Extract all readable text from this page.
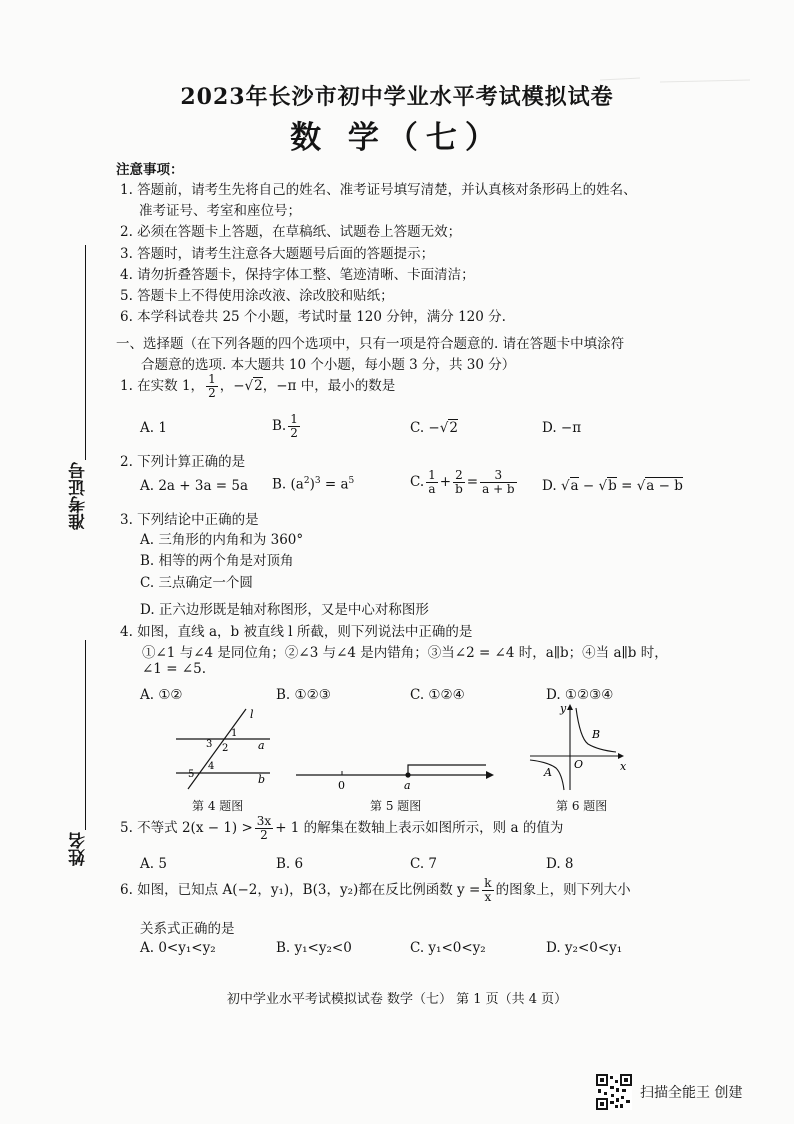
2023年长沙市初中学业水平考试模拟试卷
数 学（七）
注意事项：
1. 答题前，请考生先将自己的姓名、准考证号填写清楚，并认真核对条形码上的姓名、
准考证号、考室和座位号；
2. 必须在答题卡上答题，在草稿纸、试题卷上答题无效；
3. 答题时，请考生注意各大题题号后面的答题提示；
4. 请勿折叠答题卡，保持字体工整、笔迹清晰、卡面清洁；
5. 答题卡上不得使用涂改液、涂改胶和贴纸；
6. 本学科试卷共 25 个小题，考试时量 120 分钟，满分 120 分.
一、选择题（在下列各题的四个选项中，只有一项是符合题意的. 请在答题卡中填涂符
合题意的选项. 本大题共 10 个小题，每小题 3 分，共 30 分）
1. 在实数 1， $\frac{1}{2}$ ，−√2，−π 中，最小的数是
A. 1	B. $\frac{1}{2}$	C. −√2	D. −π
2. 下列计算正确的是
A. 2a + 3a = 5a B. $(a^2)^3 = a^5$	C. $\frac{1}{a} + \frac{2}{b} = \frac{3}{a + b} D$. √a − √b = √a − b
3. 下列结论中正确的是
A. 三角形的内角和为 360°
B. 相等的两个角是对顶角
C. 三点确定一个圆
D. 正六边形既是轴对称图形，又是中心对称图形
4. 如图，直线 a，b 被直线 l 所截，则下列说法中正确的是
①∠1 与∠4 是同位角；②∠3 与∠4 是内错角；③当∠2 = ∠4 时，a∥b；④当 a∥b 时，
∠1 = ∠5.
A. ①②	B. ①②③	C. ①②④	D. ①②③④
l
a
b
1
2
3
4
5
0	a
y
x
O
A
B
第 4 题图	第 5 题图	第 6 题图
5. 不等式 $2(x - 1) > \frac{3x}{2} + 1$ 的解集在数轴上表示如图所示，则 a 的值为
A. 5	B. 6	C. 7	D. 8
6. 如图，已知点 A(−2，y₁)，B(3，y₂)都在反比例函数 $y = \frac{k}{x}$ 的图象上，则下列大小
关系式正确的是
A. 0<y₁<y₂	B. y₁<y₂<0	C. y₁<0<y₂	D. y₂<0<y₁
准考证号
姓名
初中学业水平考试模拟试卷 数学（七） 第 1 页（共 4 页）
扫描全能王 创建
